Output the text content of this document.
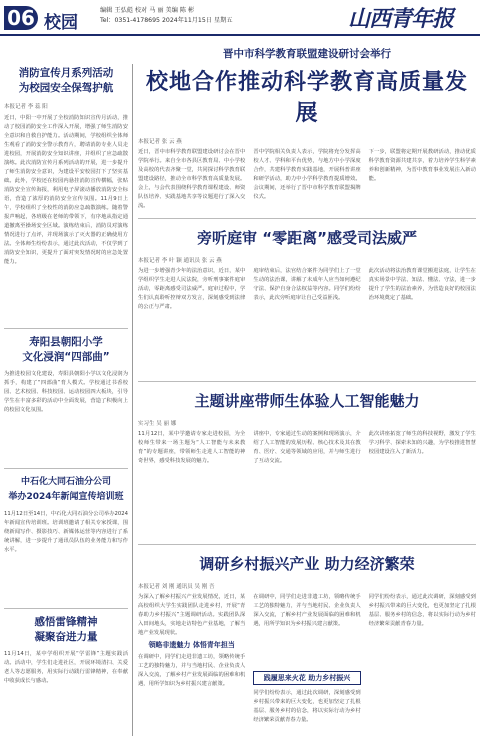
06 校园
编辑 王弘彪 校对 马 丽 美编 陈 彬
Tel：0351-4178695 2024年11月15日 星期五	山西青年报
消防宣传月系列活动
为校园安全保驾护航
本报记者 李 蕊 阳
近日，中阳一中开展了全校消防知识宣传月活动，推动了校园消防安全工作深入开展，增强了师生消防安全意识和自救自护能力。活动期间，学校组织全体师生观看了消防安全警示教育片，聘请消防专业人员走进校园，开展消防安全知识讲座，并组织了应急疏散演练。此次消防宣传月系列活动的开展，进一步提升了师生消防安全意识，为建设平安校园打下了坚实基础。此外，学校还在校园内悬挂消防宣传横幅，张贴消防安全宣传海报，利用电子屏滚动播放消防安全标语，营造了浓厚的消防安全宣传氛围。11月9日上午，学校组织了全校性的消防应急疏散演练。随着警报声响起，各班级在老师的带领下，有序地从指定通道撤离至操场安全区域。演练结束后，消防员对演练情况进行了点评，并现场演示了灭火器的正确使用方法。全体师生纷纷表示，通过此次活动，不仅学到了消防安全知识，更提升了面对突发情况时的应急处置能力。
寿阳县朝阳小学
文化浸润“四部曲”
为推进校园文化建设，寿阳县朝阳小学以文化浸润为抓手，构建了“四部曲”育人模式。学校通过书香校园、艺术校园、科技校园、运动校园四大板块，引导学生在丰富多彩的活动中全面发展，营造了积极向上的校园文化氛围。
中石化大同石油分公司
举办2024年新闻宣传培训班
11月12日至14日，中石化大同石油分公司举办2024年新闻宣传培训班。培训班邀请了相关专家授课，围绕新闻写作、摄影技巧、新媒体运营等内容进行了系统讲解，进一步提升了通讯员队伍的业务能力和写作水平。
感悟雷锋精神
凝聚奋进力量
11月14日，某中学组织开展“学雷锋”主题实践活动。活动中，学生们走进社区，开展环境清扫、关爱老人等志愿服务，用实际行动践行雷锋精神，在奉献中收获成长与感动。
晋中市科学教育联盟建设研讨会举行
校地合作推动科学教育高质量发展
本报记者 张 云 燕
近日，晋中市科学教育联盟建设研讨会在晋中学院举行。来自全市各县区教育局、中小学校及高校的代表齐聚一堂，共同探讨科学教育联盟建设路径，推动全市科学教育高质量发展。会上，与会代表围绕科学教育课程建设、师资队伍培养、实践基地共享等议题进行了深入交流。
晋中学院相关负责人表示，学院将充分发挥高校人才、学科和平台优势，与地方中小学深度合作，共建科学教育实践基地，开展科普讲座和研学活动，助力中小学科学教育提质增效。会议期间，还举行了晋中市科学教育联盟揭牌仪式。
下一步，联盟将定期开展教研活动，推动优质科学教育资源共建共享，着力培养学生科学素养和创新精神，为晋中教育事业发展注入新动能。
旁听庭审 “零距离”感受司法威严
本报记者 李 叶 颖 通讯员 张 云 燕
为进一步增强青少年的法治意识，近日，某中学组织学生走进人民法院，旁听刑事案件庭审活动，零距离感受司法威严。庭审过程中，学生们认真聆听控辩双方发言，深刻感受到法律的公正与严肃。
庭审结束后，法官结合案件为同学们上了一堂生动的法治课，讲解了未成年人应当如何遵纪守法、保护自身合法权益等内容。同学们纷纷表示，此次旁听庭审让自己受益匪浅。
此次活动将法治教育课堂搬进法庭，让学生在真实场景中学法、知法、懂法、守法，进一步提升了学生的法治素养，为营造良好的校园法治环境奠定了基础。
主题讲座带师生体验人工智能魅力
实习生 吴 丽 娜
11月12日，某中学邀请专家走进校园，为全校师生带来一场主题为“人工智能与未来教育”的专题讲座，带领师生走进人工智能的神奇世界，感受科技发展的魅力。
讲座中，专家通过生动的案例和现场演示，介绍了人工智能的发展历程、核心技术及其在教育、医疗、交通等领域的应用，并与师生进行了互动交流。
此次讲座拓宽了师生的科技视野，激发了学生学习科学、探索未知的兴趣，为学校推进智慧校园建设注入了新活力。
调研乡村振兴产业 助力经济繁荣
本报记者 刘 刚 通讯员 吴 刚 吾
为深入了解乡村振兴产业发展情况，近日，某高校组织大学生实践团队走进乡村，开展“青春助力乡村振兴”主题调研活动。实践团队深入田间地头，实地走访特色产业基地，了解当地产业发展现状。
领略非遗魅力 体悟青年担当
在调研中，同学们走进非遗工坊，领略传统手工艺的独特魅力，并与当地村民、企业负责人深入交流，了解乡村产业发展面临的困难和机遇，用所学知识为乡村振兴建言献策。
在调研中，同学们走进非遗工坊，领略传统手工艺的独特魅力，并与当地村民、企业负责人深入交流，了解乡村产业发展面临的困难和机遇，用所学知识为乡村振兴建言献策。
践履思来火花 助力乡村振兴
同学们纷纷表示，通过此次调研，深刻感受到乡村振兴带来的巨大变化，也更加坚定了扎根基层、服务乡村的信念，将以实际行动为乡村经济繁荣贡献青春力量。
同学们纷纷表示，通过此次调研，深刻感受到乡村振兴带来的巨大变化，也更加坚定了扎根基层、服务乡村的信念，将以实际行动为乡村经济繁荣贡献青春力量。
